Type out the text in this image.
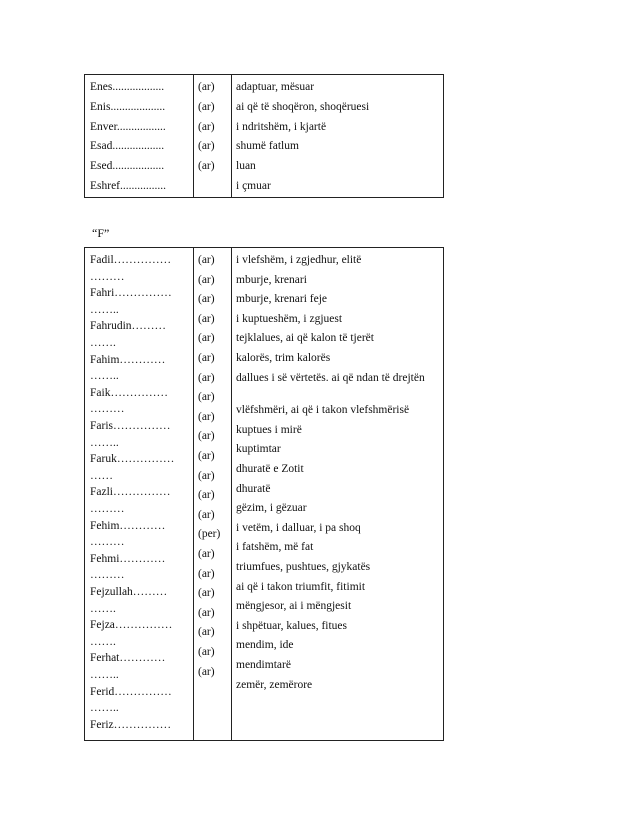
Enes..................
Enis...................
Enver.................
Esad..................
Esed..................
Eshref................
(ar)
(ar)
(ar)
(ar)
(ar)
adaptuar, mësuar
ai që të shoqëron, shoqëruesi
i ndritshëm, i kjartë
shumë fatlum
luan
i çmuar
“F”
Fadil……………
………
Fahri……………
……..
Fahrudin………
…….
Fahim…………
……..
Faik……………
………
Faris……………
……..
Faruk……………
……
Fazli……………
………
Fehim…………
………
Fehmi…………
………
Fejzullah………
…….
Fejza……………
…….
Ferhat…………
……..
Ferid……………
……..
Feriz……………
(ar)
(ar)
(ar)
(ar)
(ar)
(ar)
(ar)
(ar)
(ar)
(ar)
(ar)
(ar)
(ar)
(ar)
(per)
(ar)
(ar)
(ar)
(ar)
(ar)
(ar)
(ar)
i vlefshëm, i zgjedhur, elitë
mburje, krenari
mburje, krenari feje
i kuptueshëm, i zgjuest
tejklalues, ai që kalon të tjerët
kalorës, trim kalorës
dallues i së vërtetës. ai që ndan të drejtën
vlëfshmëri, ai që i takon vlefshmërisë
kuptues i mirë
kuptimtar
dhuratë e Zotit
dhuratë
gëzim, i gëzuar
i vetëm, i dalluar, i pa shoq
i fatshëm, më fat
triumfues, pushtues, gjykatës
ai që i takon triumfit, fitimit
mëngjesor, ai i mëngjesit
i shpëtuar, kalues, fitues
mendim, ide
mendimtarë
zemër, zemërore
